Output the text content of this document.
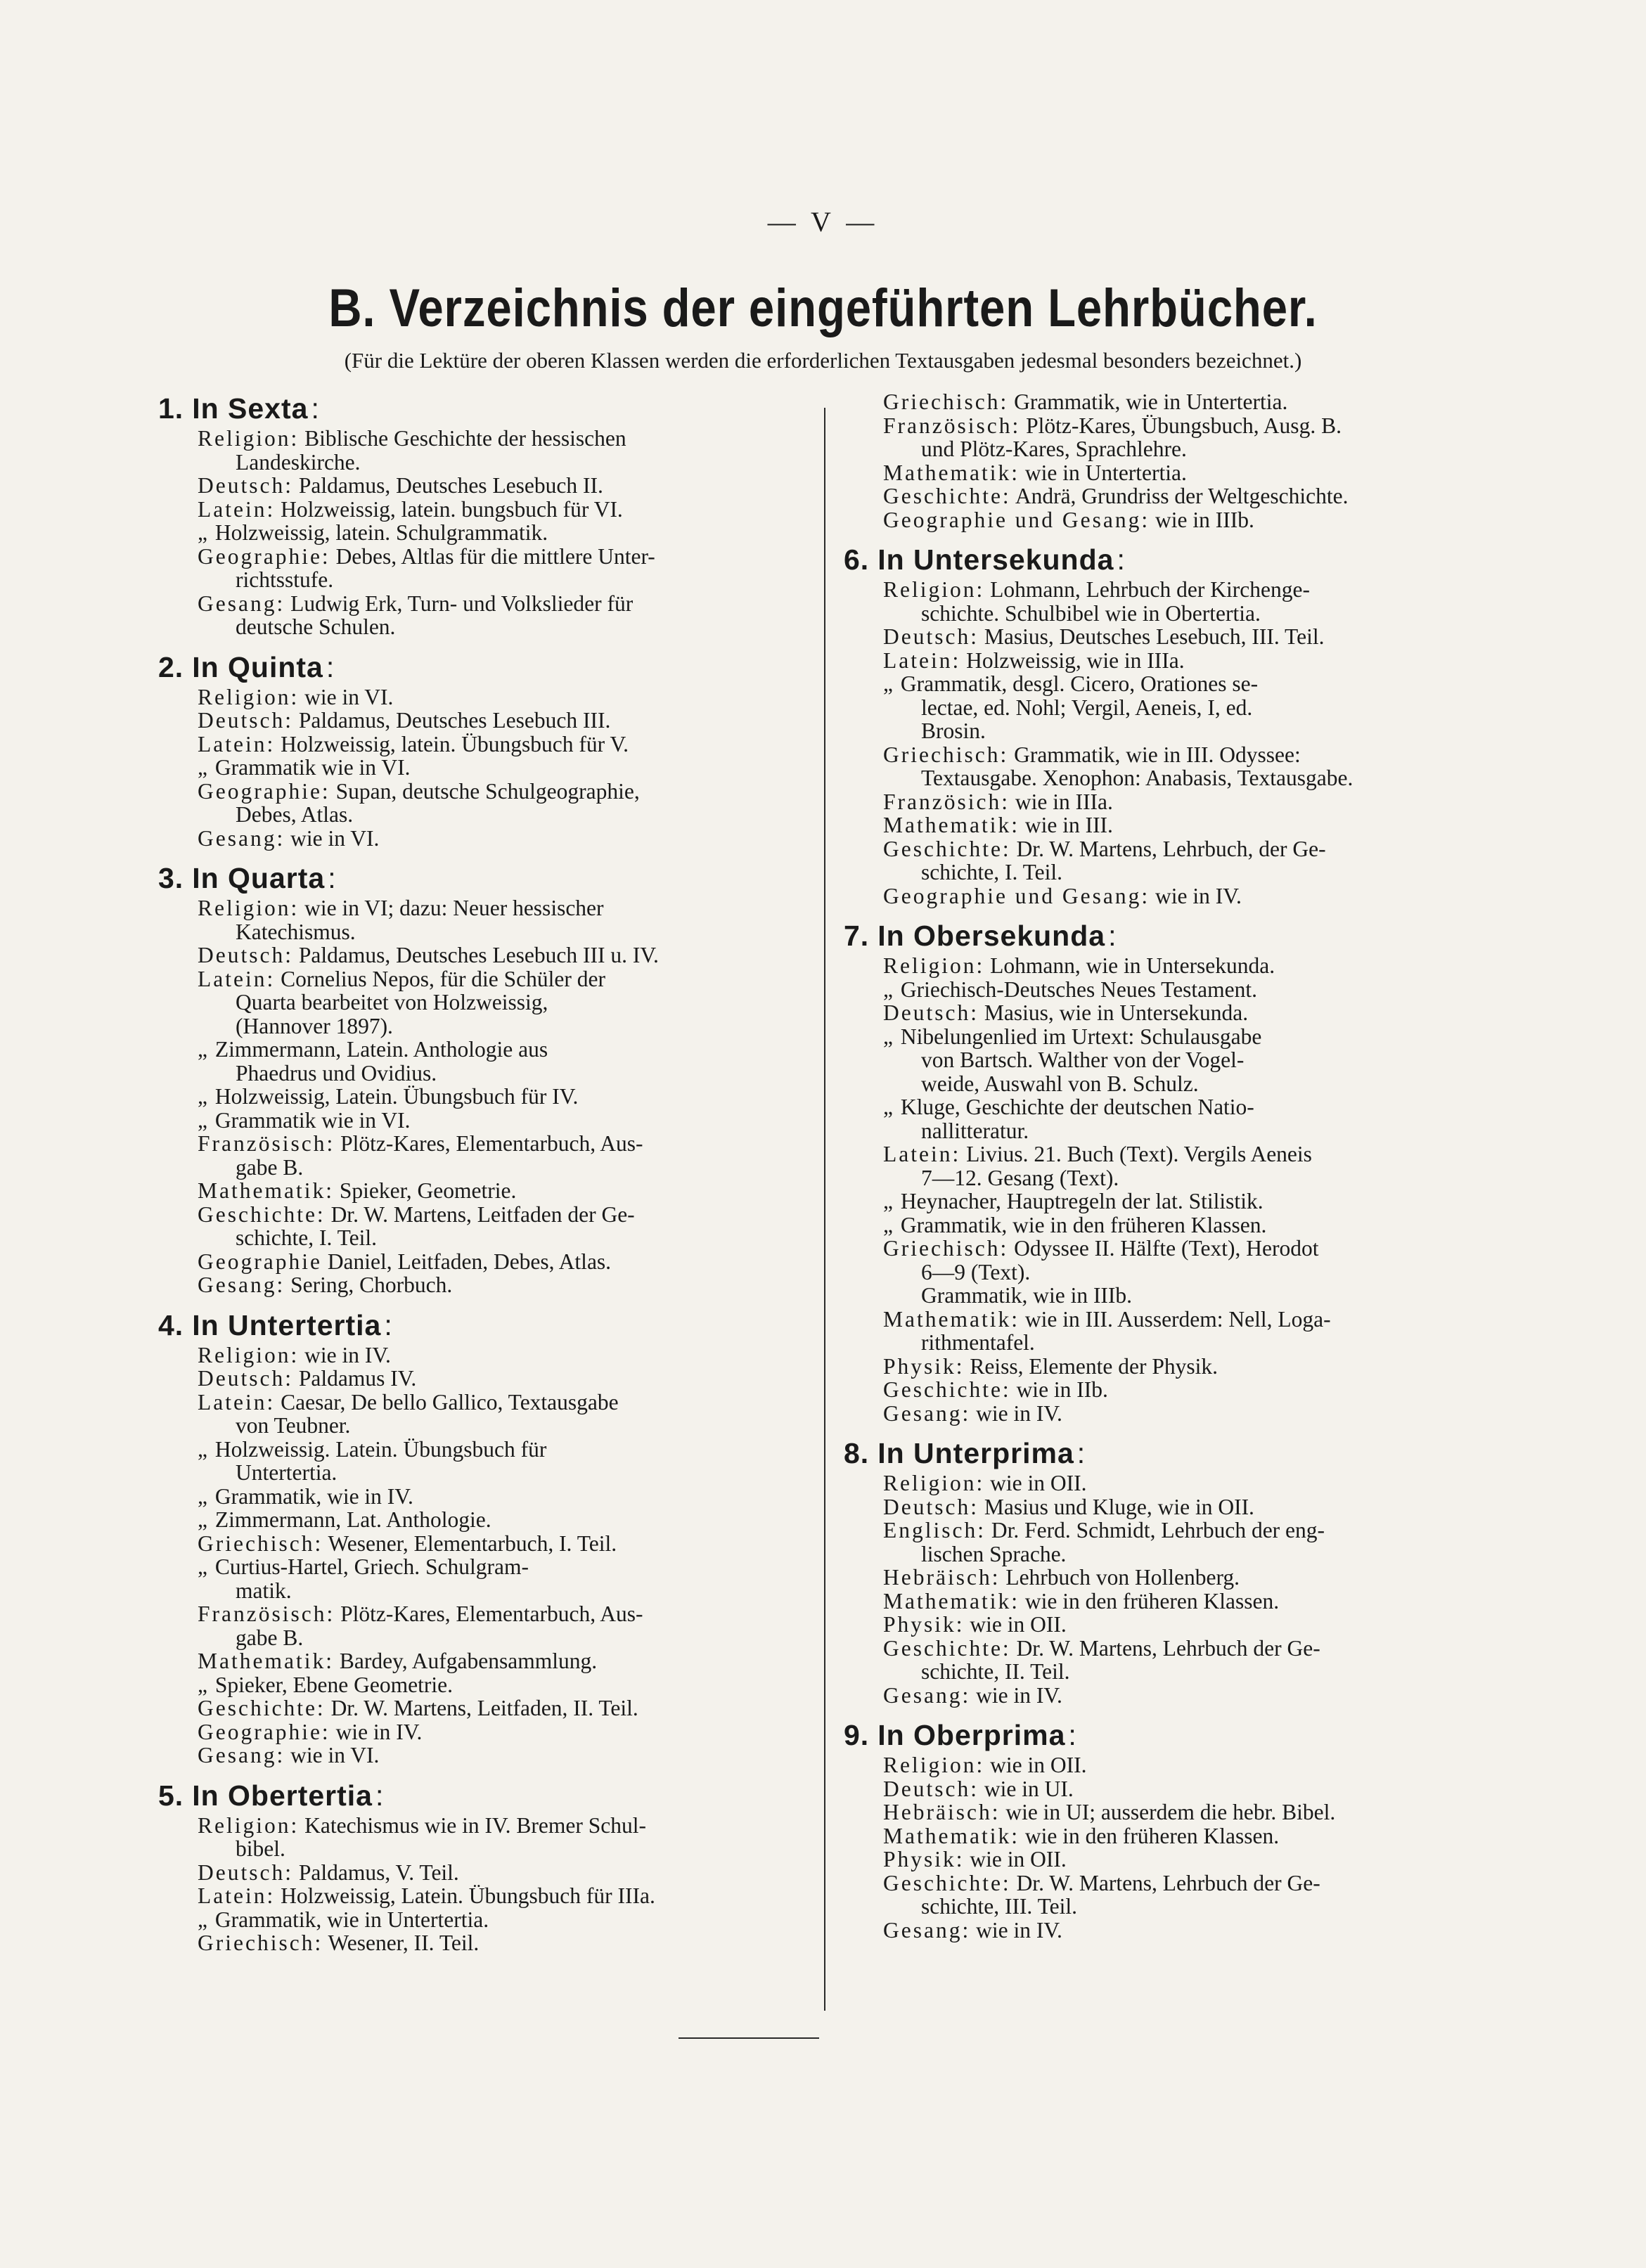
— V —
B. Verzeichnis der eingeführten Lehrbücher.
(Für die Lektüre der oberen Klassen werden die erforderlichen Textausgaben jedesmal besonders bezeichnet.)
1. In Sexta:
Religion: Biblische Geschichte der hessischen
Landeskirche.
Deutsch: Paldamus, Deutsches Lesebuch II.
Latein: Holzweissig, latein. bungsbuch für VI.
„ Holzweissig, latein. Schulgrammatik.
Geographie: Debes, Altlas für die mittlere Unter-
richtsstufe.
Gesang: Ludwig Erk, Turn- und Volkslieder für
deutsche Schulen.
2. In Quinta:
Religion: wie in VI.
Deutsch: Paldamus, Deutsches Lesebuch III.
Latein: Holzweissig, latein. Übungsbuch für V.
„ Grammatik wie in VI.
Geographie: Supan, deutsche Schulgeographie,
Debes, Atlas.
Gesang: wie in VI.
3. In Quarta:
Religion: wie in VI; dazu: Neuer hessischer
Katechismus.
Deutsch: Paldamus, Deutsches Lesebuch III u. IV.
Latein: Cornelius Nepos, für die Schüler der
Quarta bearbeitet von Holzweissig,
(Hannover 1897).
„ Zimmermann, Latein. Anthologie aus
Phaedrus und Ovidius.
„ Holzweissig, Latein. Übungsbuch für IV.
„ Grammatik wie in VI.
Französisch: Plötz-Kares, Elementarbuch, Aus-
gabe B.
Mathematik: Spieker, Geometrie.
Geschichte: Dr. W. Martens, Leitfaden der Ge-
schichte, I. Teil.
Geographie Daniel, Leitfaden, Debes, Atlas.
Gesang: Sering, Chorbuch.
4. In Untertertia:
Religion: wie in IV.
Deutsch: Paldamus IV.
Latein: Caesar, De bello Gallico, Textausgabe
von Teubner.
„ Holzweissig. Latein. Übungsbuch für
Untertertia.
„ Grammatik, wie in IV.
„ Zimmermann, Lat. Anthologie.
Griechisch: Wesener, Elementarbuch, I. Teil.
„ Curtius-Hartel, Griech. Schulgram-
matik.
Französisch: Plötz-Kares, Elementarbuch, Aus-
gabe B.
Mathematik: Bardey, Aufgabensammlung.
„ Spieker, Ebene Geometrie.
Geschichte: Dr. W. Martens, Leitfaden, II. Teil.
Geographie: wie in IV.
Gesang: wie in VI.
5. In Obertertia:
Religion: Katechismus wie in IV. Bremer Schul-
bibel.
Deutsch: Paldamus, V. Teil.
Latein: Holzweissig, Latein. Übungsbuch für IIIa.
„ Grammatik, wie in Untertertia.
Griechisch: Wesener, II. Teil.
Griechisch: Grammatik, wie in Untertertia.
Französisch: Plötz-Kares, Übungsbuch, Ausg. B.
und Plötz-Kares, Sprachlehre.
Mathematik: wie in Untertertia.
Geschichte: Andrä, Grundriss der Weltgeschichte.
Geographie und Gesang: wie in IIIb.
6. In Untersekunda:
Religion: Lohmann, Lehrbuch der Kirchenge-
schichte. Schulbibel wie in Obertertia.
Deutsch: Masius, Deutsches Lesebuch, III. Teil.
Latein: Holzweissig, wie in IIIa.
„ Grammatik, desgl. Cicero, Orationes se-
lectae, ed. Nohl; Vergil, Aeneis, I, ed.
Brosin.
Griechisch: Grammatik, wie in III. Odyssee:
Textausgabe. Xenophon: Anabasis, Textausgabe.
Französich: wie in IIIa.
Mathematik: wie in III.
Geschichte: Dr. W. Martens, Lehrbuch, der Ge-
schichte, I. Teil.
Geographie und Gesang: wie in IV.
7. In Obersekunda:
Religion: Lohmann, wie in Untersekunda.
„ Griechisch-Deutsches Neues Testament.
Deutsch: Masius, wie in Untersekunda.
„ Nibelungenlied im Urtext: Schulausgabe
von Bartsch. Walther von der Vogel-
weide, Auswahl von B. Schulz.
„ Kluge, Geschichte der deutschen Natio-
nallitteratur.
Latein: Livius. 21. Buch (Text). Vergils Aeneis
7—12. Gesang (Text).
„ Heynacher, Hauptregeln der lat. Stilistik.
„ Grammatik, wie in den früheren Klassen.
Griechisch: Odyssee II. Hälfte (Text), Herodot
6—9 (Text).
Grammatik, wie in IIIb.
Mathematik: wie in III. Ausserdem: Nell, Loga-
rithmentafel.
Physik: Reiss, Elemente der Physik.
Geschichte: wie in IIb.
Gesang: wie in IV.
8. In Unterprima:
Religion: wie in OII.
Deutsch: Masius und Kluge, wie in OII.
Englisch: Dr. Ferd. Schmidt, Lehrbuch der eng-
lischen Sprache.
Hebräisch: Lehrbuch von Hollenberg.
Mathematik: wie in den früheren Klassen.
Physik: wie in OII.
Geschichte: Dr. W. Martens, Lehrbuch der Ge-
schichte, II. Teil.
Gesang: wie in IV.
9. In Oberprima:
Religion: wie in OII.
Deutsch: wie in UI.
Hebräisch: wie in UI; ausserdem die hebr. Bibel.
Mathematik: wie in den früheren Klassen.
Physik: wie in OII.
Geschichte: Dr. W. Martens, Lehrbuch der Ge-
schichte, III. Teil.
Gesang: wie in IV.
